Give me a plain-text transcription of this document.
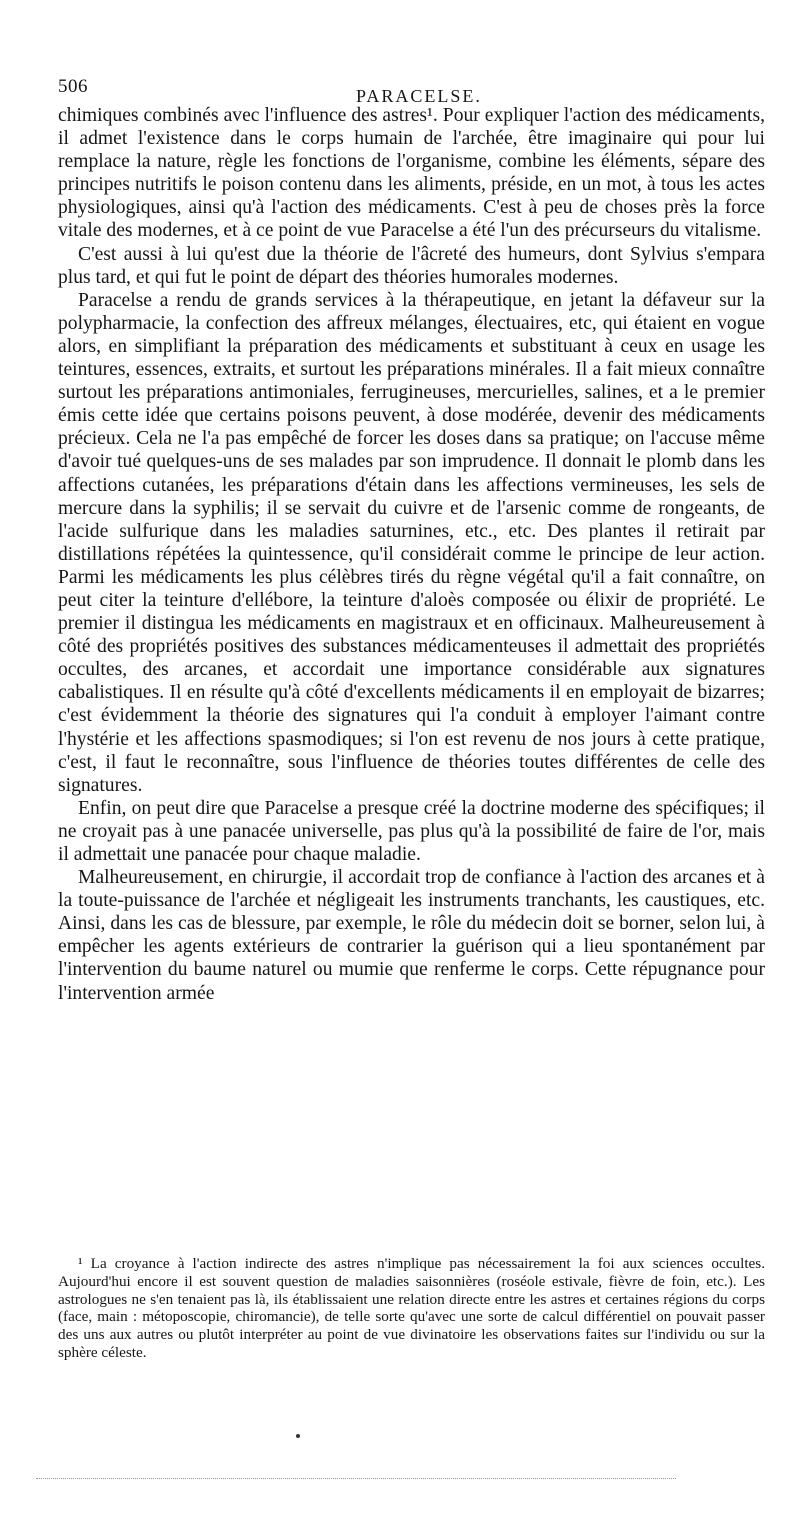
506	PARACELSE.

chimiques combinés avec l'influence des astres¹. Pour expliquer l'action des médicaments, il admet l'existence dans le corps humain de l'archée, être imaginaire qui pour lui remplace la nature, règle les fonctions de l'organisme, combine les éléments, sépare des principes nutritifs le poison contenu dans les aliments, préside, en un mot, à tous les actes physiologiques, ainsi qu'à l'action des médicaments. C'est à peu de choses près la force vitale des modernes, et à ce point de vue Paracelse a été l'un des précurseurs du vitalisme.

C'est aussi à lui qu'est due la théorie de l'âcreté des humeurs, dont Sylvius s'empara plus tard, et qui fut le point de départ des théories humorales modernes.

Paracelse a rendu de grands services à la thérapeutique, en jetant la défaveur sur la polypharmacie, la confection des affreux mélanges, électuaires, etc, qui étaient en vogue alors, en simplifiant la préparation des médicaments et substituant à ceux en usage les teintures, essences, extraits, et surtout les préparations minérales. Il a fait mieux connaître surtout les préparations antimoniales, ferrugineuses, mercurielles, salines, et a le premier émis cette idée que certains poisons peuvent, à dose modérée, devenir des médicaments précieux. Cela ne l'a pas empêché de forcer les doses dans sa pratique; on l'accuse même d'avoir tué quelques-uns de ses malades par son imprudence. Il donnait le plomb dans les affections cutanées, les préparations d'étain dans les affections vermineuses, les sels de mercure dans la syphilis; il se servait du cuivre et de l'arsenic comme de rongeants, de l'acide sulfurique dans les maladies saturnines, etc., etc. Des plantes il retirait par distillations répétées la quintessence, qu'il considérait comme le principe de leur action. Parmi les médicaments les plus célèbres tirés du règne végétal qu'il a fait connaître, on peut citer la teinture d'ellébore, la teinture d'aloès composée ou élixir de propriété. Le premier il distingua les médicaments en magistraux et en officinaux. Malheureusement à côté des propriétés positives des substances médicamenteuses il admettait des propriétés occultes, des arcanes, et accordait une importance considérable aux signatures cabalistiques. Il en résulte qu'à côté d'excellents médicaments il en employait de bizarres; c'est évidemment la théorie des signatures qui l'a conduit à employer l'aimant contre l'hystérie et les affections spasmodiques; si l'on est revenu de nos jours à cette pratique, c'est, il faut le reconnaître, sous l'influence de théories toutes différentes de celle des signatures.

Enfin, on peut dire que Paracelse a presque créé la doctrine moderne des spécifiques; il ne croyait pas à une panacée universelle, pas plus qu'à la possibilité de faire de l'or, mais il admettait une panacée pour chaque maladie.

Malheureusement, en chirurgie, il accordait trop de confiance à l'action des arcanes et à la toute-puissance de l'archée et négligeait les instruments tranchants, les caustiques, etc. Ainsi, dans les cas de blessure, par exemple, le rôle du médecin doit se borner, selon lui, à empêcher les agents extérieurs de contrarier la guérison qui a lieu spontanément par l'intervention du baume naturel ou mumie que renferme le corps. Cette répugnance pour l'intervention armée

¹ La croyance à l'action indirecte des astres n'implique pas nécessairement la foi aux sciences occultes. Aujourd'hui encore il est souvent question de maladies saisonnières (roséole estivale, fièvre de foin, etc.). Les astrologues ne s'en tenaient pas là, ils établissaient une relation directe entre les astres et certaines régions du corps (face, main : métoposcopie, chiromancie), de telle sorte qu'avec une sorte de calcul différentiel on pouvait passer des uns aux autres ou plutôt interpréter au point de vue divinatoire les observations faites sur l'individu ou sur la sphère céleste.
